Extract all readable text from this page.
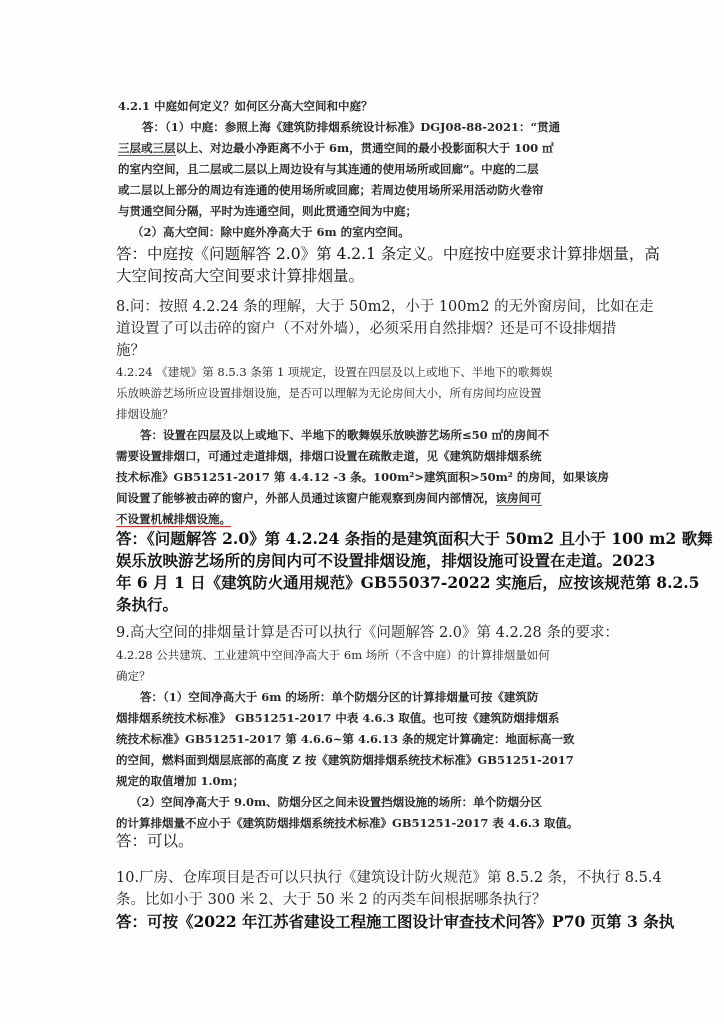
4.2.1 中庭如何定义？如何区分高大空间和中庭？
答：（1）中庭：参照上海《建筑防排烟系统设计标准》DGJ08-88-2021：“贯通
三层或三层以上、对边最小净距离不小于 6m，贯通空间的最小投影面积大于 100 ㎡
的室内空间，且二层或二层以上周边设有与其连通的使用场所或回廊”。中庭的二层
或二层以上部分的周边有连通的使用场所或回廊；若周边使用场所采用活动防火卷帘
与贯通空间分隔，平时为连通空间，则此贯通空间为中庭；
（2）高大空间：除中庭外净高大于 6m 的室内空间。
答：中庭按《问题解答 2.0》第 4.2.1 条定义。中庭按中庭要求计算排烟量，高
大空间按高大空间要求计算排烟量。
8.问：按照 4.2.24 条的理解，大于 50m2，小于 100m2 的无外窗房间，比如在走
道设置了可以击碎的窗户（不对外墙），必须采用自然排烟？还是可不设排烟措
施？
4.2.24 《建规》第 8.5.3 条第 1 项规定，设置在四层及以上或地下、半地下的歌舞娱
乐放映游艺场所应设置排烟设施，是否可以理解为无论房间大小，所有房间均应设置
排烟设施？
答：设置在四层及以上或地下、半地下的歌舞娱乐放映游艺场所≤50 ㎡的房间不
需要设置排烟口，可通过走道排烟，排烟口设置在疏散走道，见《建筑防烟排烟系统
技术标准》GB51251-2017 第 4.4.12 -3 条。100m²>建筑面积>50m² 的房间，如果该房
间设置了能够被击碎的窗户，外部人员通过该窗户能观察到房间内部情况，该房间可
不设置机械排烟设施。
答：《问题解答 2.0》第 4.2.24 条指的是建筑面积大于 50m2 且小于 100 m2 歌舞
娱乐放映游艺场所的房间内可不设置排烟设施，排烟设施可设置在走道。2023
年 6 月 1 日《建筑防火通用规范》GB55037-2022 实施后，应按该规范第 8.2.5
条执行。
9.高大空间的排烟量计算是否可以执行《问题解答 2.0》第 4.2.28 条的要求：
4.2.28 公共建筑、工业建筑中空间净高大于 6m 场所（不含中庭）的计算排烟量如何
确定？
答：（1）空间净高大于 6m 的场所：单个防烟分区的计算排烟量可按《建筑防
烟排烟系统技术标准》 GB51251-2017 中表 4.6.3 取值。也可按《建筑防烟排烟系
统技术标准》GB51251-2017 第 4.6.6~第 4.6.13 条的规定计算确定：地面标高一致
的空间，燃料面到烟层底部的高度 Z 按《建筑防烟排烟系统技术标准》GB51251-2017
规定的取值增加 1.0m；
（2）空间净高大于 9.0m、防烟分区之间未设置挡烟设施的场所：单个防烟分区
的计算排烟量不应小于《建筑防烟排烟系统技术标准》GB51251-2017 表 4.6.3 取值。
答：可以。
10.厂房、仓库项目是否可以只执行《建筑设计防火规范》第 8.5.2 条，不执行 8.5.4
条。比如小于 300 米 2、大于 50 米 2 的丙类车间根据哪条执行？
答：可按《2022 年江苏省建设工程施工图设计审查技术问答》P70 页第 3 条执
